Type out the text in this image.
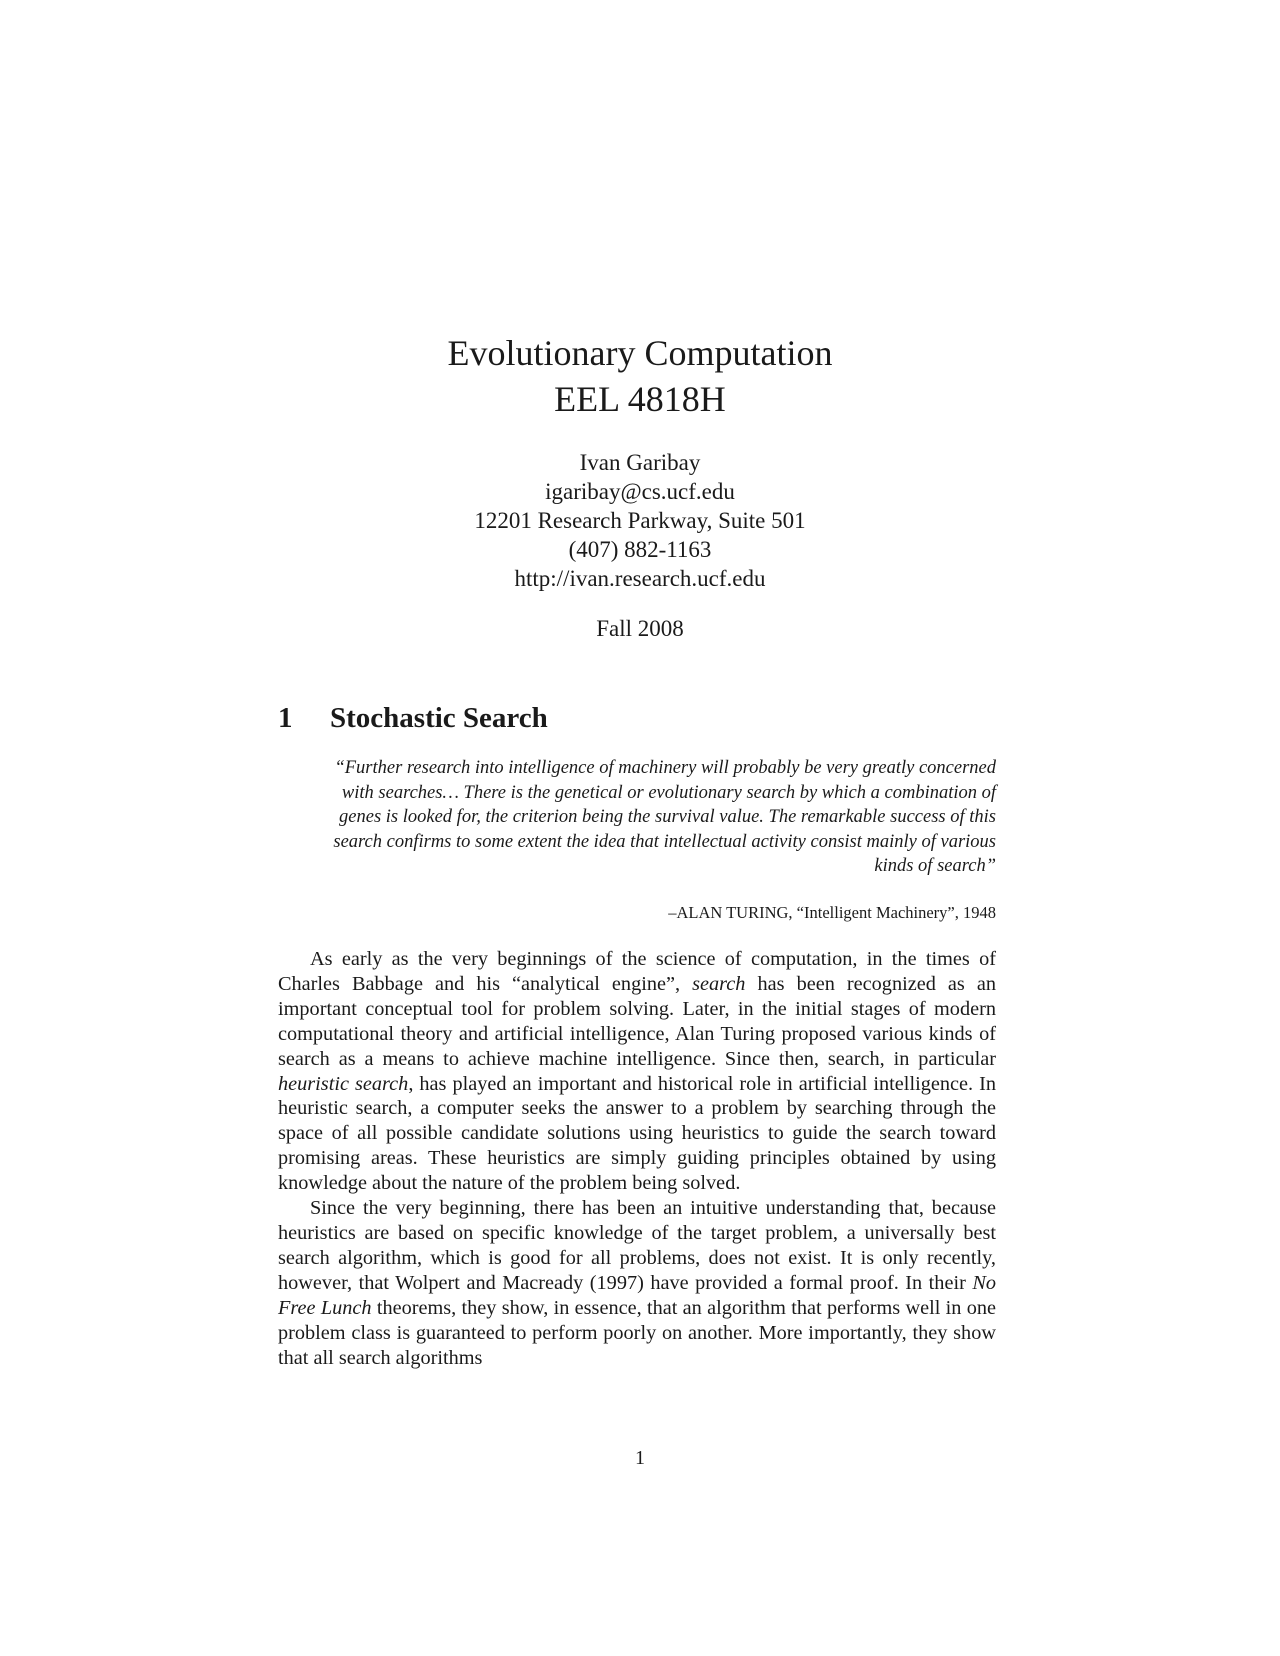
Evolutionary Computation
EEL 4818H
Ivan Garibay
igaribay@cs.ucf.edu
12201 Research Parkway, Suite 501
(407) 882-1163
http://ivan.research.ucf.edu
Fall 2008
1	Stochastic Search
“Further research into intelligence of machinery will probably be very greatly concerned with searches… There is the genetical or evolutionary search by which a combination of genes is looked for, the criterion being the survival value. The remarkable success of this search confirms to some extent the idea that intellectual activity consist mainly of various kinds of search”
–ALAN TURING, “Intelligent Machinery”, 1948

As early as the very beginnings of the science of computation, in the times of Charles Babbage and his “analytical engine”, search has been recognized as an important conceptual tool for problem solving. Later, in the initial stages of modern computational theory and artificial intelligence, Alan Turing proposed various kinds of search as a means to achieve machine intelligence. Since then, search, in particular heuristic search, has played an important and historical role in artificial intelligence. In heuristic search, a computer seeks the answer to a problem by searching through the space of all possible candidate solutions using heuristics to guide the search toward promising areas. These heuristics are simply guiding principles obtained by using knowledge about the nature of the problem being solved.

Since the very beginning, there has been an intuitive understanding that, because heuristics are based on specific knowledge of the target problem, a universally best search algorithm, which is good for all problems, does not exist. It is only recently, however, that Wolpert and Macready (1997) have provided a formal proof. In their No Free Lunch theorems, they show, in essence, that an algorithm that performs well in one problem class is guaranteed to perform poorly on another. More importantly, they show that all search algorithms

1
